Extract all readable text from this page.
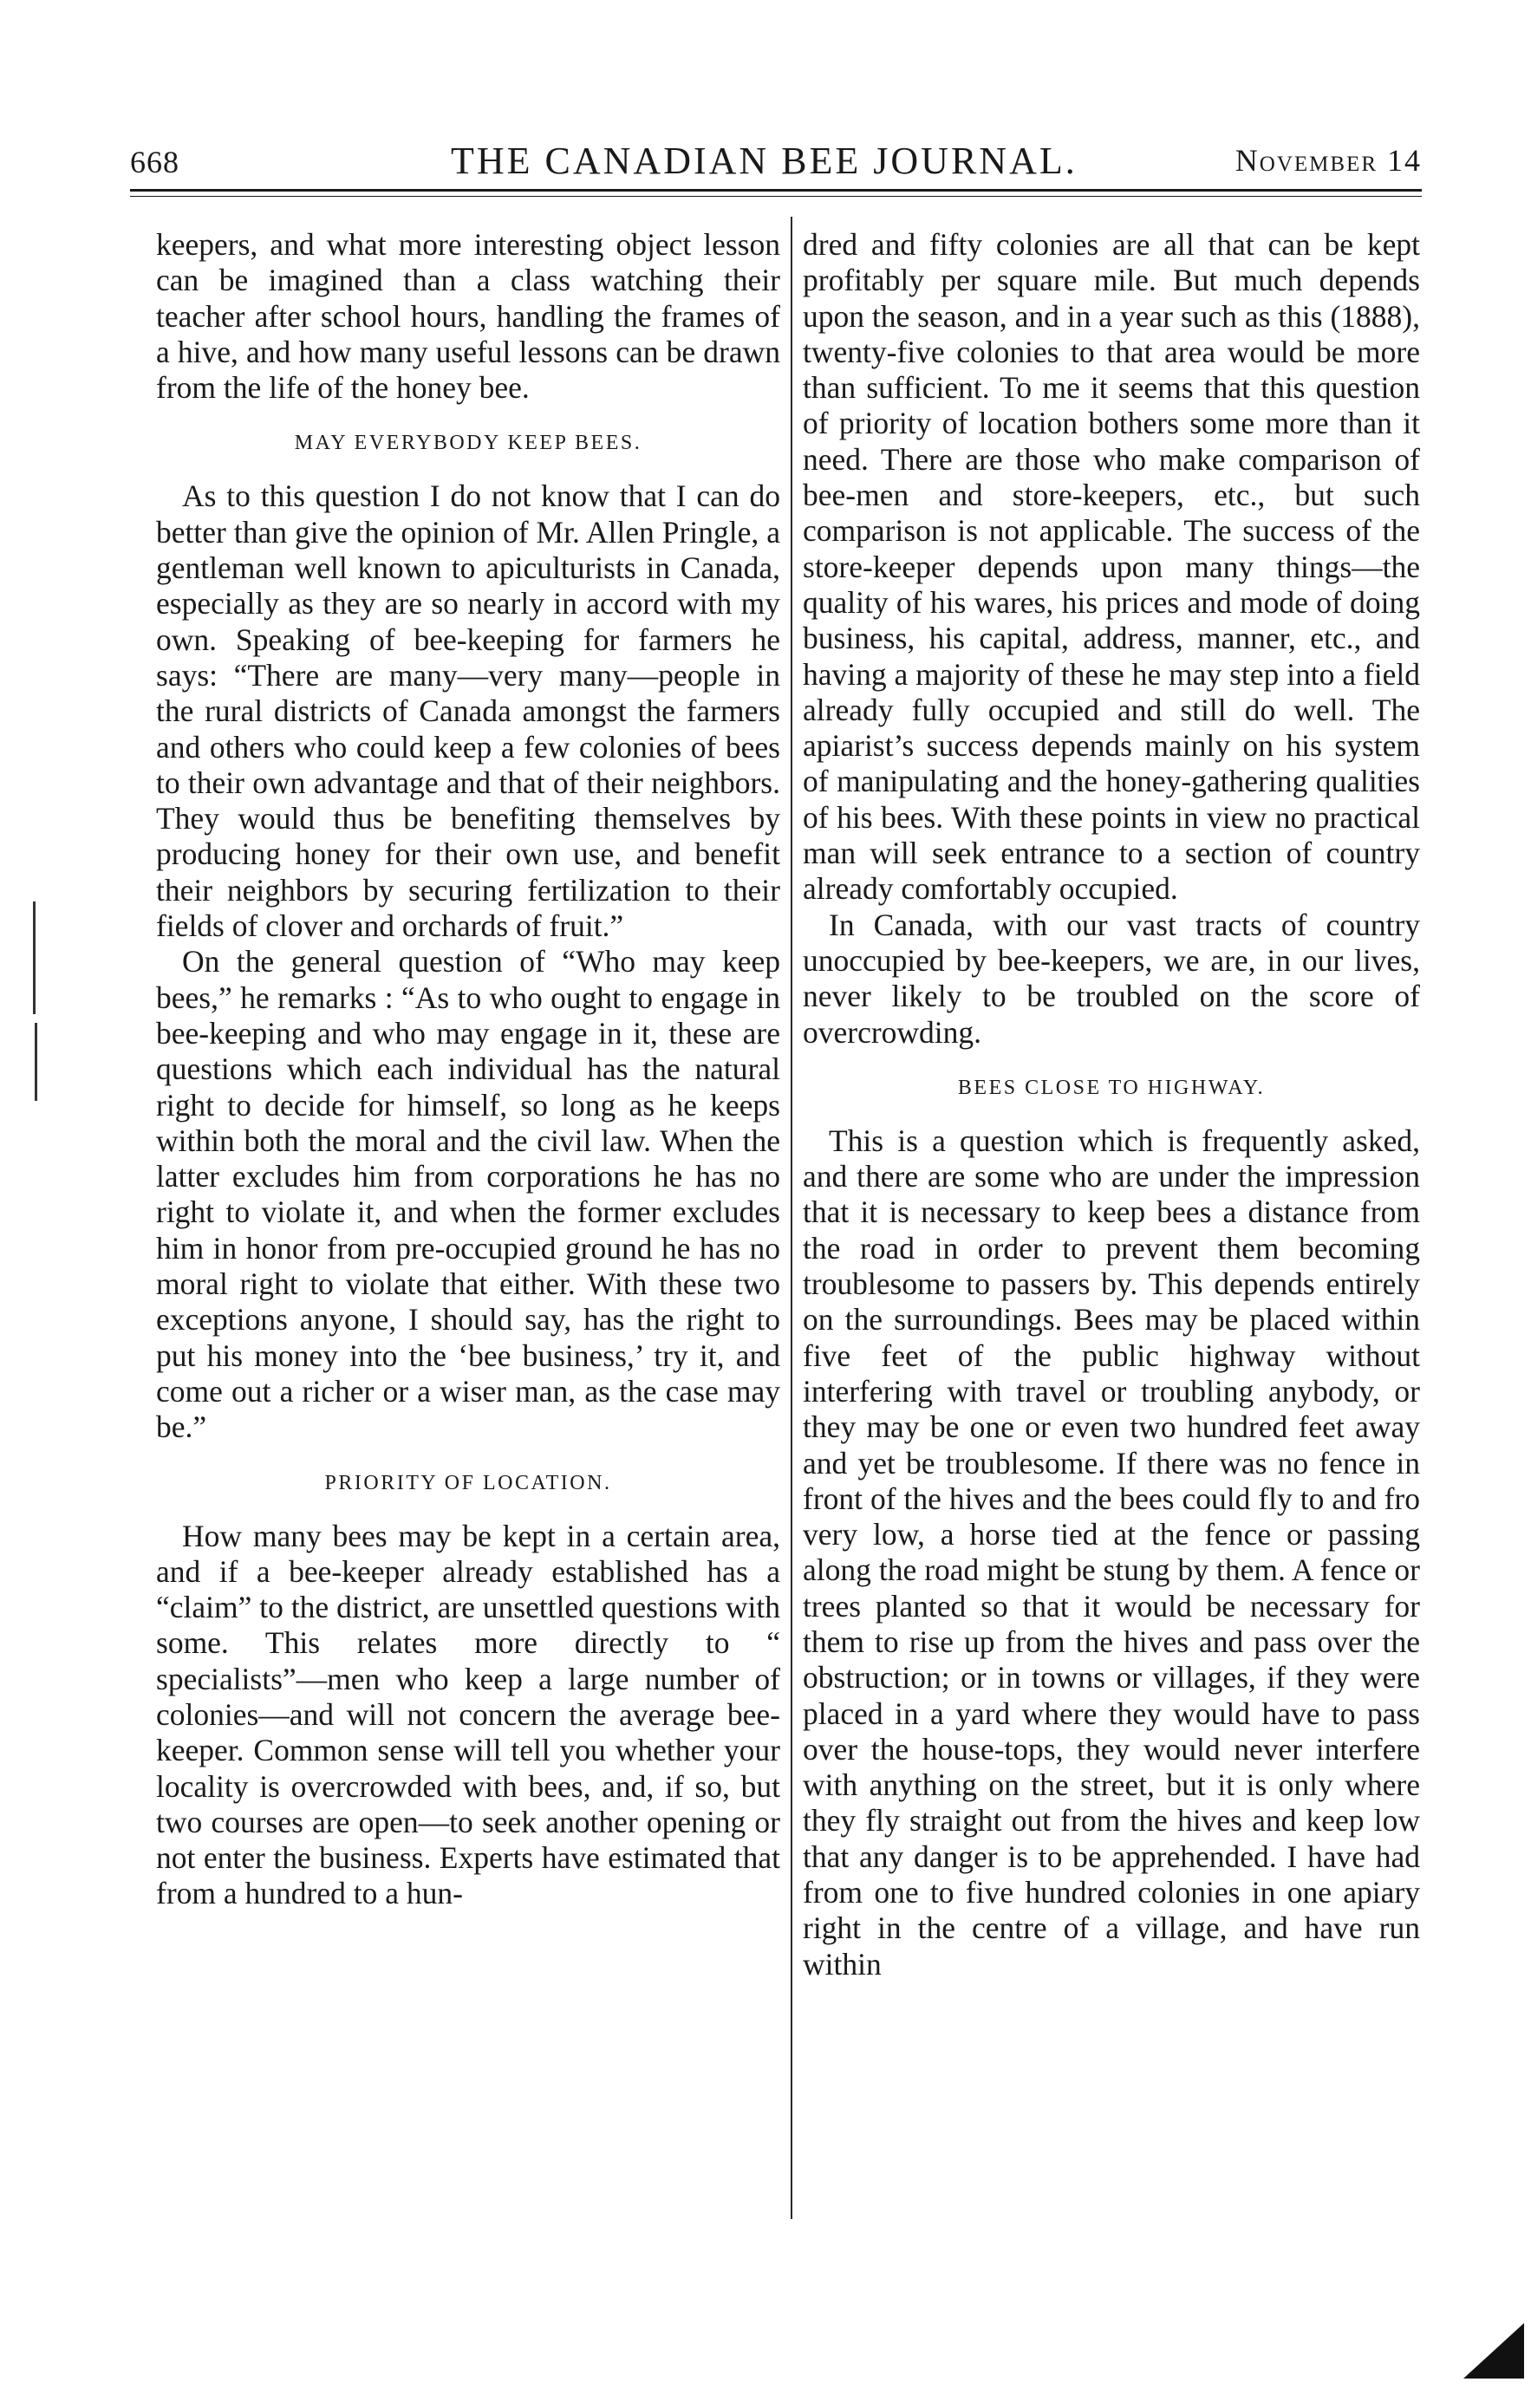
668	THE CANADIAN BEE JOURNAL.	November 14

keepers, and what more interesting object lesson can be imagined than a class watching their teacher after school hours, handling the frames of a hive, and how many useful lessons can be drawn from the life of the honey bee.

MAY EVERYBODY KEEP BEES.

As to this question I do not know that I can do better than give the opinion of Mr. Allen Pringle, a gentleman well known to apiculturists in Canada, especially as they are so nearly in accord with my own. Speaking of bee-keeping for farmers he says: “There are many—very many—people in the rural districts of Canada amongst the farmers and others who could keep a few colonies of bees to their own advantage and that of their neighbors. They would thus be benefiting themselves by producing honey for their own use, and benefit their neighbors by securing fertilization to their fields of clover and orchards of fruit.”

On the general question of “Who may keep bees,” he remarks : “As to who ought to engage in bee-keeping and who may engage in it, these are questions which each individual has the natural right to decide for himself, so long as he keeps within both the moral and the civil law. When the latter excludes him from corporations he has no right to violate it, and when the former excludes him in honor from pre-occupied ground he has no moral right to violate that either. With these two exceptions anyone, I should say, has the right to put his money into the ‘bee business,’ try it, and come out a richer or a wiser man, as the case may be.”

PRIORITY OF LOCATION.

How many bees may be kept in a certain area, and if a bee-keeper already established has a “claim” to the district, are unsettled questions with some. This relates more directly to “ specialists”—men who keep a large number of colonies—and will not concern the average bee-keeper. Common sense will tell you whether your locality is overcrowded with bees, and, if so, but two courses are open—to seek another opening or not enter the business. Experts have estimated that from a hundred to a hun-

dred and fifty colonies are all that can be kept profitably per square mile. But much depends upon the season, and in a year such as this (1888), twenty-five colonies to that area would be more than sufficient. To me it seems that this question of priority of location bothers some more than it need. There are those who make comparison of bee-men and store-keepers, etc., but such comparison is not applicable. The success of the store-keeper depends upon many things—the quality of his wares, his prices and mode of doing business, his capital, address, manner, etc., and having a majority of these he may step into a field already fully occupied and still do well. The apiarist’s success depends mainly on his system of manipulating and the honey-gathering qualities of his bees. With these points in view no practical man will seek entrance to a section of country already comfortably occupied.

In Canada, with our vast tracts of country unoccupied by bee-keepers, we are, in our lives, never likely to be troubled on the score of overcrowding.

BEES CLOSE TO HIGHWAY.

This is a question which is frequently asked, and there are some who are under the impression that it is necessary to keep bees a distance from the road in order to prevent them becoming troublesome to passers by. This depends entirely on the surroundings. Bees may be placed within five feet of the public highway without interfering with travel or troubling anybody, or they may be one or even two hundred feet away and yet be troublesome. If there was no fence in front of the hives and the bees could fly to and fro very low, a horse tied at the fence or passing along the road might be stung by them. A fence or trees planted so that it would be necessary for them to rise up from the hives and pass over the obstruction; or in towns or villages, if they were placed in a yard where they would have to pass over the house-tops, they would never interfere with anything on the street, but it is only where they fly straight out from the hives and keep low that any danger is to be apprehended. I have had from one to five hundred colonies in one apiary right in the centre of a village, and have run within
